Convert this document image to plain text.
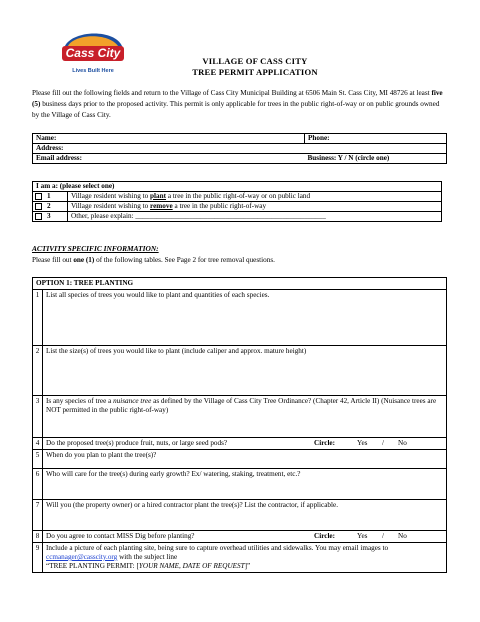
Cass City
Lives Built Here
VILLAGE OF CASS CITY
TREE PERMIT APPLICATION
Please fill out the following fields and return to the Village of Cass City Municipal Building at 6506 Main St. Cass City, MI 48726 at least five (5) business days prior to the proposed activity. This permit is only applicable for trees in the public right-of-way or on public grounds owned by the Village of Cass City.
Name:	Phone:
Address:	
Email address:	Business: Y / N (circle one)
I am a: (please select one)	
1	Village resident wishing to plant a tree in the public right-of-way or on public land
2	Village resident wishing to remove a tree in the public right-of-way
3	Other, please explain: _____________________________________________________
ACTIVITY SPECIFIC INFORMATION:
Please fill out one (1) of the following tables. See Page 2 for tree removal questions.
OPTION 1: TREE PLANTING	
1	List all species of trees you would like to plant and quantities of each species.
2	List the size(s) of trees you would like to plant (include caliper and approx. mature height)
3	Is any species of tree a nuisance tree as defined by the Village of Cass City Tree Ordinance? (Chapter 42, Article II) (Nuisance trees are NOT permitted in the public right-of-way)
4	Do the proposed tree(s) produce fruit, nuts, or large seed pods? Circle: Yes / No

5	When do you plan to plant the tree(s)?
6	Who will care for the tree(s) during early growth? Ex/ watering, staking, treatment, etc.?
7	Will you (the property owner) or a hired contractor plant the tree(s)? List the contractor, if applicable.
8	Do you agree to contact MISS Dig before planting? Circle: Yes / No

9	Include a picture of each planting site, being sure to capture overhead utilities and sidewalks. You may email images to ccmanager@casscity.org with the subject line
“TREE PLANTING PERMIT: [YOUR NAME, DATE OF REQUEST]”
